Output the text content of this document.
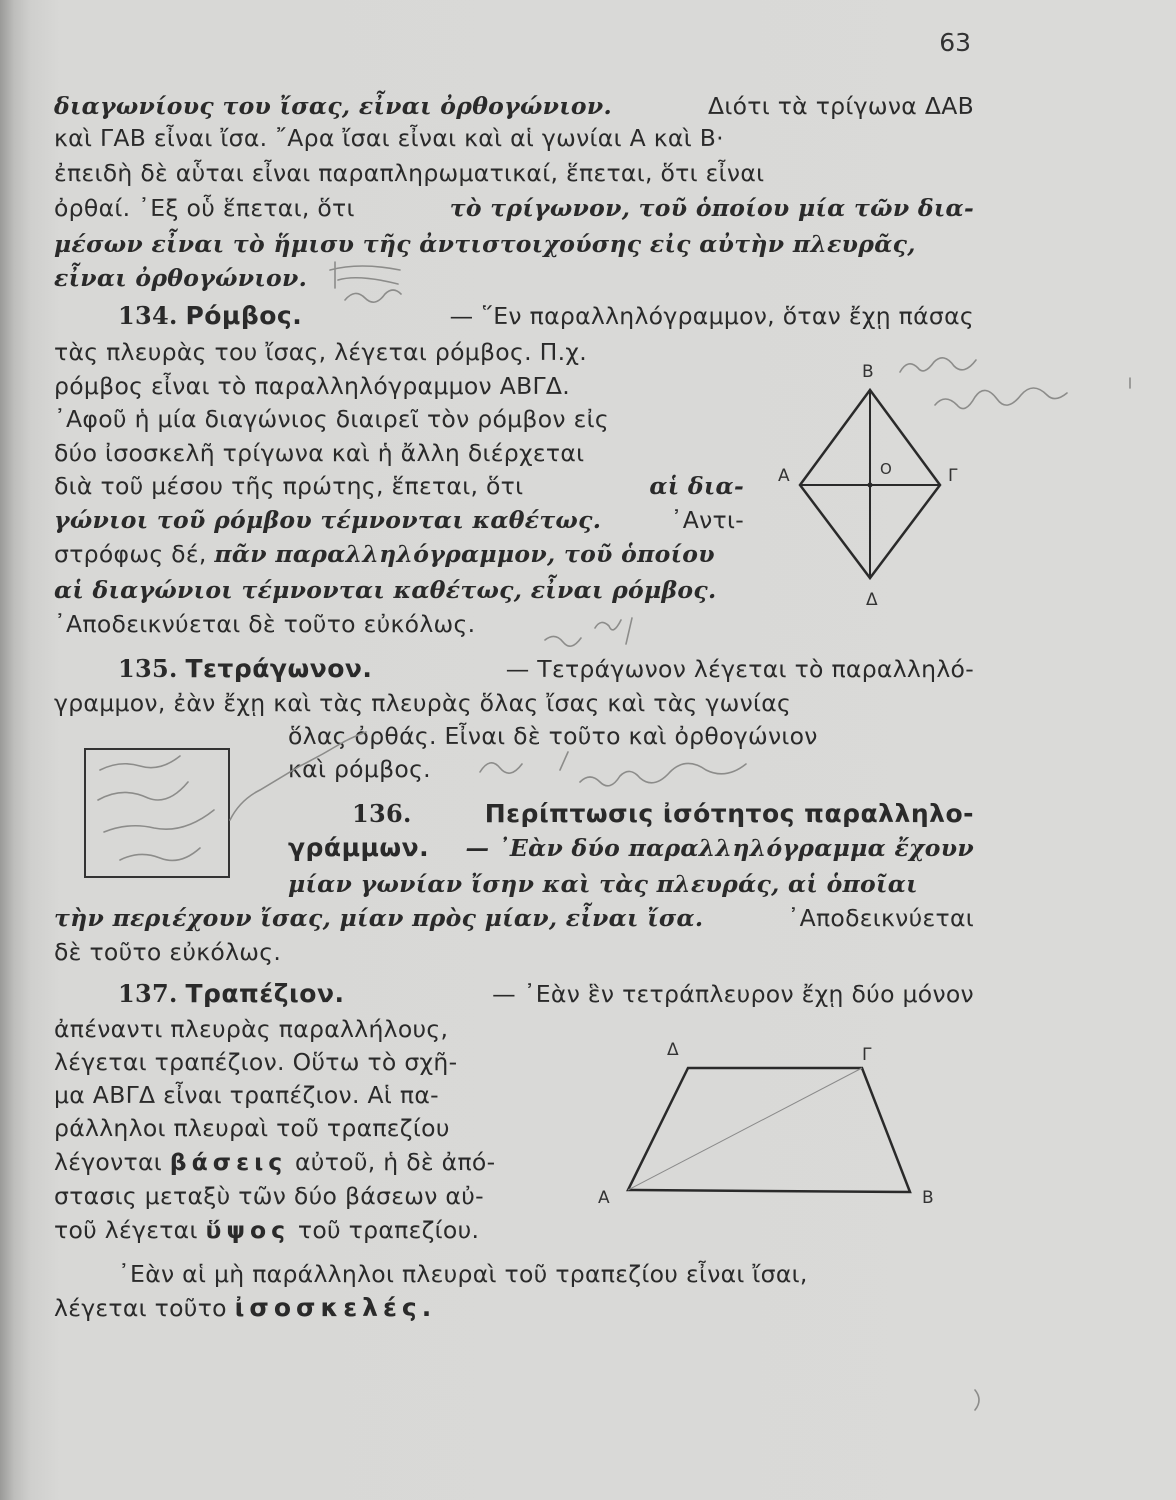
63
διαγωνίους του ἴσας, εἶναι ὀρθογώνιον.	Διότι τὰ τρίγωνα ΔΑΒ
καὶ ΓΑΒ εἶναι ἴσα. ῎Αρα ἴσαι εἶναι καὶ αἱ γωνίαι Α καὶ Β·
ἐπειδὴ δὲ αὗται εἶναι παραπληρωματικαί, ἕπεται, ὅτι εἶναι
ὀρθαί. ᾿Εξ οὗ ἕπεται, ὅτι	τὸ τρίγωνον, τοῦ ὁποίου μία τῶν δια-
μέσων εἶναι τὸ ἥμισυ τῆς ἀντιστοιχούσης εἰς αὐτὴν πλευρᾶς,
εἶναι ὀρθογώνιον.
134. Ρόμβος.	— ῞Εν παραλληλόγραμμον, ὅταν ἔχῃ πάσας
τὰς πλευρὰς του ἴσας, λέγεται ρόμβος. Π.χ.
ρόμβος εἶναι τὸ παραλληλόγραμμον ΑΒΓΔ.
᾿Αφοῦ ἡ μία διαγώνιος διαιρεῖ τὸν ρόμβον εἰς
δύο ἰσοσκελῆ τρίγωνα καὶ ἡ ἄλλη διέρχεται
διὰ τοῦ μέσου τῆς πρώτης, ἕπεται, ὅτι	αἱ δια-
γώνιοι τοῦ ρόμβου τέμνονται καθέτως.	᾿Αντι-
στρόφως δέ, πᾶν παραλληλόγραμμον, τοῦ ὁποίου
αἱ διαγώνιοι τέμνονται καθέτως, εἶναι ρόμβος.
᾿Αποδεικνύεται δὲ τοῦτο εὐκόλως.
Β
Α	Γ
Δ
Ο
135. Τετράγωνον.	— Τετράγωνον λέγεται τὸ παραλληλό-
γραμμον, ἐὰν ἔχῃ καὶ τὰς πλευρὰς ὅλας ἴσας καὶ τὰς γωνίας
ὅλας ὀρθάς. Εἶναι δὲ τοῦτο καὶ ὀρθογώνιον
καὶ ρόμβος.
136.	Περίπτωσις ἰσότητος παραλληλο-
γράμμων. — ᾿Εὰν δύο παραλληλόγραμμα ἔχουν
μίαν γωνίαν ἴσην καὶ τὰς πλευράς, αἱ ὁποῖαι
τὴν περιέχουν ἴσας, μίαν πρὸς μίαν, εἶναι ἴσα.	᾿Αποδεικνύεται
δὲ τοῦτο εὐκόλως.
137. Τραπέζιον.	— ᾿Εὰν ἓν τετράπλευρον ἔχῃ δύο μόνον
ἀπέναντι πλευρὰς παραλλήλους,
λέγεται τραπέζιον. Οὕτω τὸ σχῆ-
μα ΑΒΓΔ εἶναι τραπέζιον. Αἱ πα-
ράλληλοι πλευραὶ τοῦ τραπεζίου
λέγονται βάσεις αὐτοῦ, ἡ δὲ ἀπό-
στασις μεταξὺ τῶν δύο βάσεων αὐ-
τοῦ λέγεται ὕψος τοῦ τραπεζίου.
Δ	Γ
Α	Β
᾿Εὰν αἱ μὴ παράλληλοι πλευραὶ τοῦ τραπεζίου εἶναι ἴσαι,
λέγεται τοῦτο ἰσοσκελές.
